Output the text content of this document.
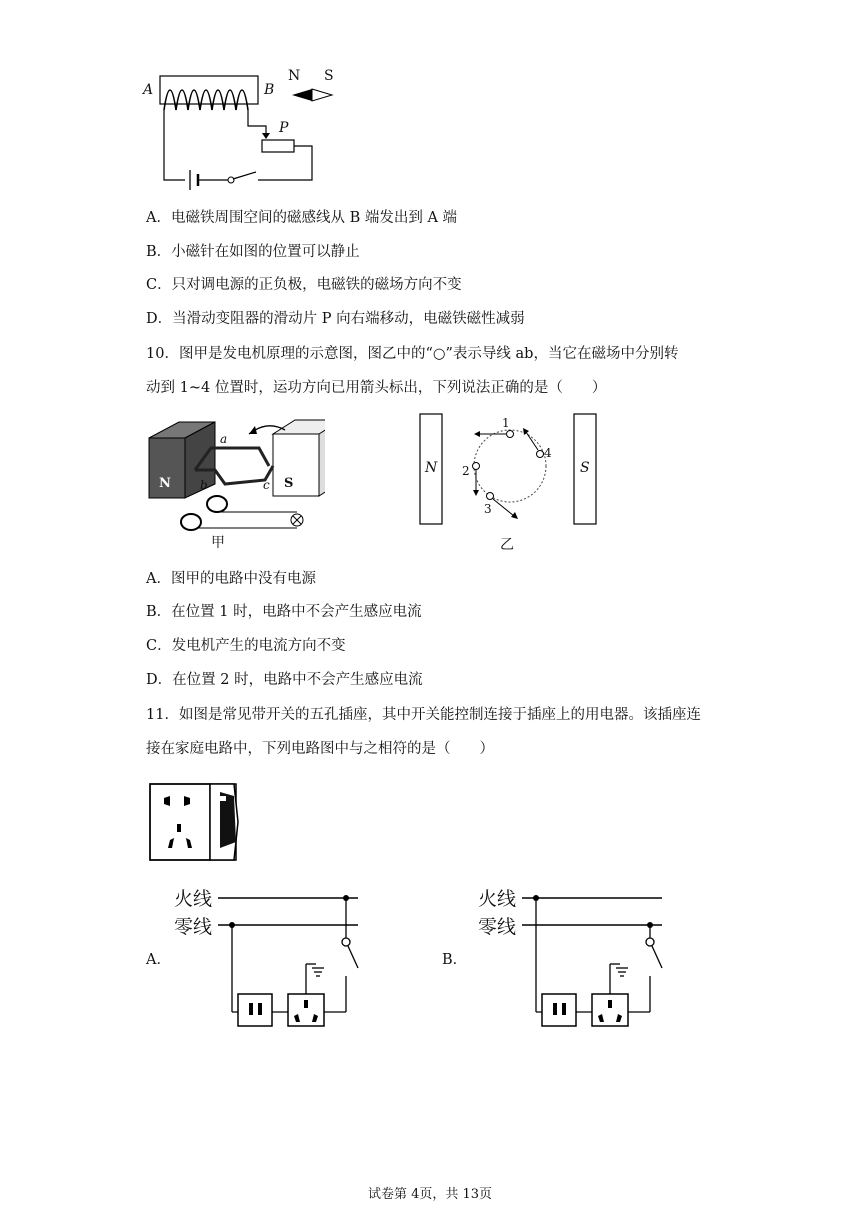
A	B
N S
P
A．电磁铁周围空间的磁感线从 B 端发出到 A 端
B．小磁针在如图的位置可以静止
C．只对调电源的正负极，电磁铁的磁场方向不变
D．当滑动变阻器的滑动片 P 向右端移动，电磁铁磁性减弱
10．图甲是发电机原理的示意图，图乙中的“○”表示导线 ab，当它在磁场中分别转
动到 1~4 位置时，运功方向已用箭头标出，下列说法正确的是（　　）
N	S
a
b	c
甲
N	S
1
2
3
4
乙
A．图甲的电路中没有电源
B．在位置 1 时，电路中不会产生感应电流
C．发电机产生的电流方向不变
D．在位置 2 时，电路中不会产生感应电流
11．如图是常见带开关的五孔插座，其中开关能控制连接于插座上的用电器。该插座连
接在家庭电路中，下列电路图中与之相符的是（　　）
A．
火线
零线
B．
火线
零线
试卷第 4页，共 13页
